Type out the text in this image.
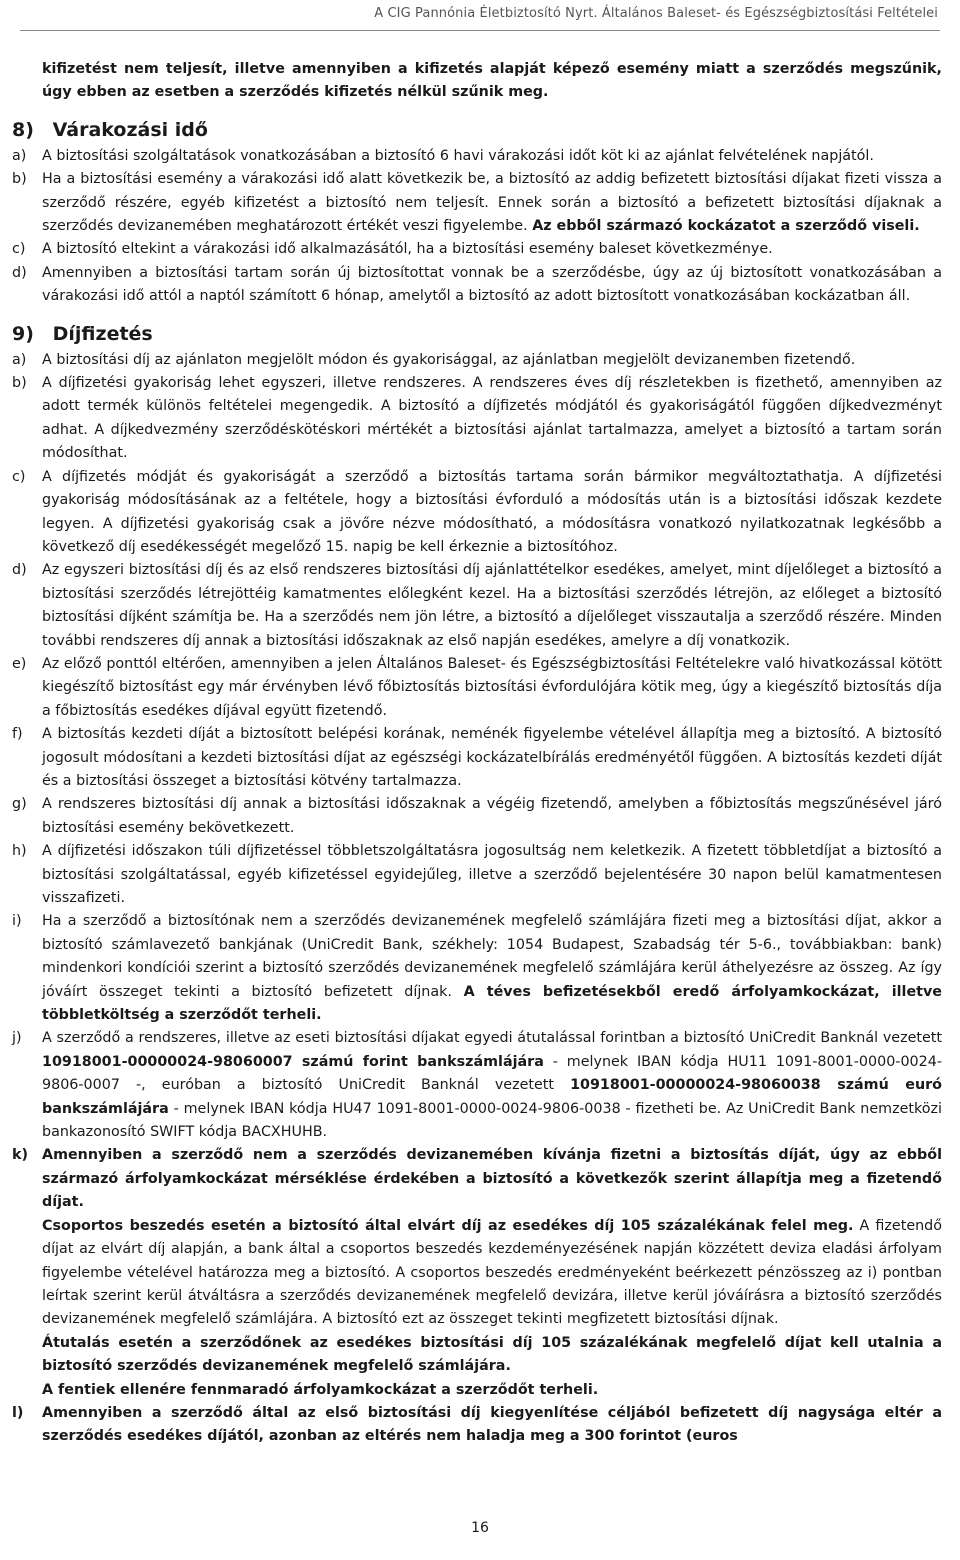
A CIG Pannónia Életbiztosító Nyrt. Általános Baleset- és Egészségbiztosítási Feltételei

kifizetést nem teljesít, illetve amennyiben a kifizetés alapját képező esemény miatt a szerződés megszűnik, úgy ebben az esetben a szerződés kifizetés nélkül szűnik meg.

8) Várakozási idő
a)	A biztosítási szolgáltatások vonatkozásában a biztosító 6 havi várakozási időt köt ki az ajánlat felvételének napjától.
b)	Ha a biztosítási esemény a várakozási idő alatt következik be, a biztosító az addig befizetett biztosítási díjakat fizeti vissza a szerződő részére, egyéb kifizetést a biztosító nem teljesít. Ennek során a biztosító a befizetett biztosítási díjaknak a szerződés devizanemében meghatározott értékét veszi figyelembe. Az ebből származó kockázatot a szerződő viseli.
c)	A biztosító eltekint a várakozási idő alkalmazásától, ha a biztosítási esemény baleset következménye.
d)	Amennyiben a biztosítási tartam során új biztosítottat vonnak be a szerződésbe, úgy az új biztosított vonatkozásában a várakozási idő attól a naptól számított 6 hónap, amelytől a biztosító az adott biztosított vonatkozásában kockázatban áll.
9) Díjfizetés
a)	A biztosítási díj az ajánlaton megjelölt módon és gyakorisággal, az ajánlatban megjelölt devizanemben fizetendő.
b)	A díjfizetési gyakoriság lehet egyszeri, illetve rendszeres. A rendszeres éves díj részletekben is fizethető, amennyiben az adott termék különös feltételei megengedik. A biztosító a díjfizetés módjától és gyakoriságától függően díjkedvezményt adhat. A díjkedvezmény szerződéskötéskori mértékét a biztosítási ajánlat tartalmazza, amelyet a biztosító a tartam során módosíthat.
c)	A díjfizetés módját és gyakoriságát a szerződő a biztosítás tartama során bármikor megváltoztathatja. A díjfizetési gyakoriság módosításának az a feltétele, hogy a biztosítási évforduló a módosítás után is a biztosítási időszak kezdete legyen. A díjfizetési gyakoriság csak a jövőre nézve módosítható, a módosításra vonatkozó nyilatkozatnak legkésőbb a következő díj esedékességét megelőző 15. napig be kell érkeznie a biztosítóhoz.
d)	Az egyszeri biztosítási díj és az első rendszeres biztosítási díj ajánlattételkor esedékes, amelyet, mint díjelőleget a biztosító a biztosítási szerződés létrejöttéig kamatmentes előlegként kezel. Ha a biztosítási szerződés létrejön, az előleget a biztosító biztosítási díjként számítja be. Ha a szerződés nem jön létre, a biztosító a díjelőleget visszautalja a szerződő részére. Minden további rendszeres díj annak a biztosítási időszaknak az első napján esedékes, amelyre a díj vonatkozik.
e)	Az előző ponttól eltérően, amennyiben a jelen Általános Baleset- és Egészségbiztosítási Feltételekre való hivatkozással kötött kiegészítő biztosítást egy már érvényben lévő főbiztosítás biztosítási évfordulójára kötik meg, úgy a kiegészítő biztosítás díja a főbiztosítás esedékes díjával együtt fizetendő.
f)	A biztosítás kezdeti díját a biztosított belépési korának, neménék figyelembe vételével állapítja meg a biztosító. A biztosító jogosult módosítani a kezdeti biztosítási díjat az egészségi kockázatelbírálás eredményétől függően. A biztosítás kezdeti díját és a biztosítási összeget a biztosítási kötvény tartalmazza.
g)	A rendszeres biztosítási díj annak a biztosítási időszaknak a végéig fizetendő, amelyben a főbiztosítás megszűnésével járó biztosítási esemény bekövetkezett.
h)	A díjfizetési időszakon túli díjfizetéssel többletszolgáltatásra jogosultság nem keletkezik. A fizetett többletdíjat a biztosító a biztosítási szolgáltatással, egyéb kifizetéssel egyidejűleg, illetve a szerződő bejelentésére 30 napon belül kamatmentesen visszafizeti.
i)	Ha a szerződő a biztosítónak nem a szerződés devizanemének megfelelő számlájára fizeti meg a biztosítási díjat, akkor a biztosító számlavezető bankjának (UniCredit Bank, székhely: 1054 Budapest, Szabadság tér 5-6., továbbiakban: bank) mindenkori kondíciói szerint a biztosító szerződés devizanemének megfelelő számlájára kerül áthelyezésre az összeg. Az így jóváírt összeget tekinti a biztosító befizetett díjnak. A téves befizetésekből eredő árfolyamkockázat, illetve többletköltség a szerződőt terheli.
j)	A szerződő a rendszeres, illetve az eseti biztosítási díjakat egyedi átutalással forintban a biztosító UniCredit Banknál vezetett 10918001-00000024-98060007 számú forint bankszámlájára - melynek IBAN kódja HU11 1091-8001-0000-0024-9806-0007 -, euróban a biztosító UniCredit Banknál vezetett 10918001-00000024-98060038 számú euró bankszámlájára - melynek IBAN kódja HU47 1091-8001-0000-0024-9806-0038 - fizetheti be. Az UniCredit Bank nemzetközi bankazonosító SWIFT kódja BACXHUHB.
k) Amennyiben a szerződő nem a szerződés devizanemében kívánja fizetni a biztosítás díját, úgy az ebből származó árfolyamkockázat mérséklése érdekében a biztosító a következők szerint állapítja meg a fizetendő díjat.
Csoportos beszedés esetén a biztosító által elvárt díj az esedékes díj 105 százalékának felel meg. A fizetendő díjat az elvárt díj alapján, a bank által a csoportos beszedés kezdeményezésének napján közzétett deviza eladási árfolyam figyelembe vételével határozza meg a biztosító. A csoportos beszedés eredményeként beérkezett pénzösszeg az i) pontban leírtak szerint kerül átváltásra a szerződés devizanemének megfelelő devizára, illetve kerül jóváírásra a biztosító szerződés devizanemének megfelelő számlájára. A biztosító ezt az összeget tekinti megfizetett biztosítási díjnak.
Átutalás esetén a szerződőnek az esedékes biztosítási díj 105 százalékának megfelelő díjat kell utalnia a biztosító szerződés devizanemének megfelelő számlájára.
A fentiek ellenére fennmaradó árfolyamkockázat a szerződőt terheli.
l)	Amennyiben a szerződő által az első biztosítási díj kiegyenlítése céljából befizetett díj nagysága eltér a szerződés esedékes díjától, azonban az eltérés nem haladja meg a 300 forintot (euros
16
